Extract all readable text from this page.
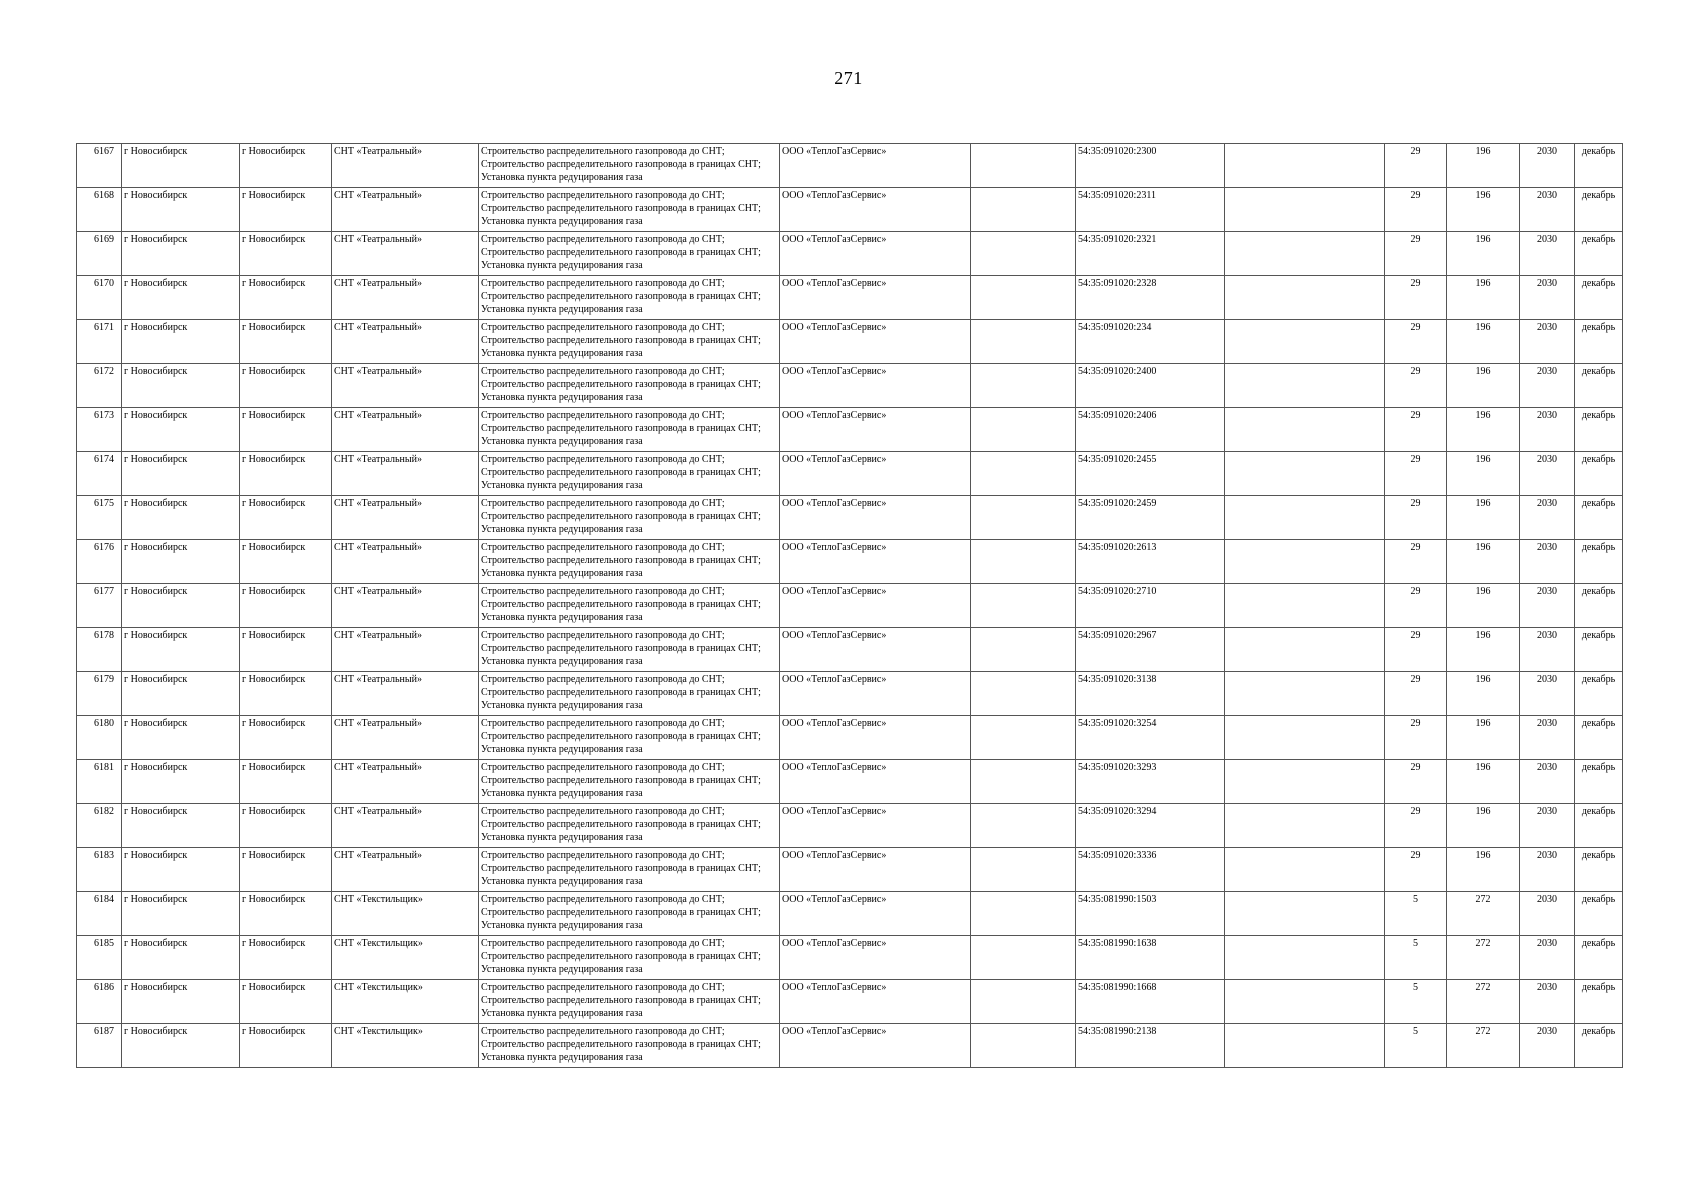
271
6167	г Новосибирск	г Новосибирск	СНТ «Театральный»	Строительство распределительного газопровода до СНТ; Строительство распределительного газопровода в границах СНТ; Установка пункта редуцирования газа	ООО «ТеплоГазСервис»		54:35:091020:2300		29	196	2030	декабрь
6168	г Новосибирск	г Новосибирск	СНТ «Театральный»	Строительство распределительного газопровода до СНТ; Строительство распределительного газопровода в границах СНТ; Установка пункта редуцирования газа	ООО «ТеплоГазСервис»		54:35:091020:2311		29	196	2030	декабрь
6169	г Новосибирск	г Новосибирск	СНТ «Театральный»	Строительство распределительного газопровода до СНТ; Строительство распределительного газопровода в границах СНТ; Установка пункта редуцирования газа	ООО «ТеплоГазСервис»		54:35:091020:2321		29	196	2030	декабрь
6170	г Новосибирск	г Новосибирск	СНТ «Театральный»	Строительство распределительного газопровода до СНТ; Строительство распределительного газопровода в границах СНТ; Установка пункта редуцирования газа	ООО «ТеплоГазСервис»		54:35:091020:2328		29	196	2030	декабрь
6171	г Новосибирск	г Новосибирск	СНТ «Театральный»	Строительство распределительного газопровода до СНТ; Строительство распределительного газопровода в границах СНТ; Установка пункта редуцирования газа	ООО «ТеплоГазСервис»		54:35:091020:234		29	196	2030	декабрь
6172	г Новосибирск	г Новосибирск	СНТ «Театральный»	Строительство распределительного газопровода до СНТ; Строительство распределительного газопровода в границах СНТ; Установка пункта редуцирования газа	ООО «ТеплоГазСервис»		54:35:091020:2400		29	196	2030	декабрь
6173	г Новосибирск	г Новосибирск	СНТ «Театральный»	Строительство распределительного газопровода до СНТ; Строительство распределительного газопровода в границах СНТ; Установка пункта редуцирования газа	ООО «ТеплоГазСервис»		54:35:091020:2406		29	196	2030	декабрь
6174	г Новосибирск	г Новосибирск	СНТ «Театральный»	Строительство распределительного газопровода до СНТ; Строительство распределительного газопровода в границах СНТ; Установка пункта редуцирования газа	ООО «ТеплоГазСервис»		54:35:091020:2455		29	196	2030	декабрь
6175	г Новосибирск	г Новосибирск	СНТ «Театральный»	Строительство распределительного газопровода до СНТ; Строительство распределительного газопровода в границах СНТ; Установка пункта редуцирования газа	ООО «ТеплоГазСервис»		54:35:091020:2459		29	196	2030	декабрь
6176	г Новосибирск	г Новосибирск	СНТ «Театральный»	Строительство распределительного газопровода до СНТ; Строительство распределительного газопровода в границах СНТ; Установка пункта редуцирования газа	ООО «ТеплоГазСервис»		54:35:091020:2613		29	196	2030	декабрь
6177	г Новосибирск	г Новосибирск	СНТ «Театральный»	Строительство распределительного газопровода до СНТ; Строительство распределительного газопровода в границах СНТ; Установка пункта редуцирования газа	ООО «ТеплоГазСервис»		54:35:091020:2710		29	196	2030	декабрь
6178	г Новосибирск	г Новосибирск	СНТ «Театральный»	Строительство распределительного газопровода до СНТ; Строительство распределительного газопровода в границах СНТ; Установка пункта редуцирования газа	ООО «ТеплоГазСервис»		54:35:091020:2967		29	196	2030	декабрь
6179	г Новосибирск	г Новосибирск	СНТ «Театральный»	Строительство распределительного газопровода до СНТ; Строительство распределительного газопровода в границах СНТ; Установка пункта редуцирования газа	ООО «ТеплоГазСервис»		54:35:091020:3138		29	196	2030	декабрь
6180	г Новосибирск	г Новосибирск	СНТ «Театральный»	Строительство распределительного газопровода до СНТ; Строительство распределительного газопровода в границах СНТ; Установка пункта редуцирования газа	ООО «ТеплоГазСервис»		54:35:091020:3254		29	196	2030	декабрь
6181	г Новосибирск	г Новосибирск	СНТ «Театральный»	Строительство распределительного газопровода до СНТ; Строительство распределительного газопровода в границах СНТ; Установка пункта редуцирования газа	ООО «ТеплоГазСервис»		54:35:091020:3293		29	196	2030	декабрь
6182	г Новосибирск	г Новосибирск	СНТ «Театральный»	Строительство распределительного газопровода до СНТ; Строительство распределительного газопровода в границах СНТ; Установка пункта редуцирования газа	ООО «ТеплоГазСервис»		54:35:091020:3294		29	196	2030	декабрь
6183	г Новосибирск	г Новосибирск	СНТ «Театральный»	Строительство распределительного газопровода до СНТ; Строительство распределительного газопровода в границах СНТ; Установка пункта редуцирования газа	ООО «ТеплоГазСервис»		54:35:091020:3336		29	196	2030	декабрь
6184	г Новосибирск	г Новосибирск	СНТ «Текстильщик»	Строительство распределительного газопровода до СНТ; Строительство распределительного газопровода в границах СНТ; Установка пункта редуцирования газа	ООО «ТеплоГазСервис»		54:35:081990:1503		5	272	2030	декабрь
6185	г Новосибирск	г Новосибирск	СНТ «Текстильщик»	Строительство распределительного газопровода до СНТ; Строительство распределительного газопровода в границах СНТ; Установка пункта редуцирования газа	ООО «ТеплоГазСервис»		54:35:081990:1638		5	272	2030	декабрь
6186	г Новосибирск	г Новосибирск	СНТ «Текстильщик»	Строительство распределительного газопровода до СНТ; Строительство распределительного газопровода в границах СНТ; Установка пункта редуцирования газа	ООО «ТеплоГазСервис»		54:35:081990:1668		5	272	2030	декабрь
6187	г Новосибирск	г Новосибирск	СНТ «Текстильщик»	Строительство распределительного газопровода до СНТ; Строительство распределительного газопровода в границах СНТ; Установка пункта редуцирования газа	ООО «ТеплоГазСервис»		54:35:081990:2138		5	272	2030	декабрь
